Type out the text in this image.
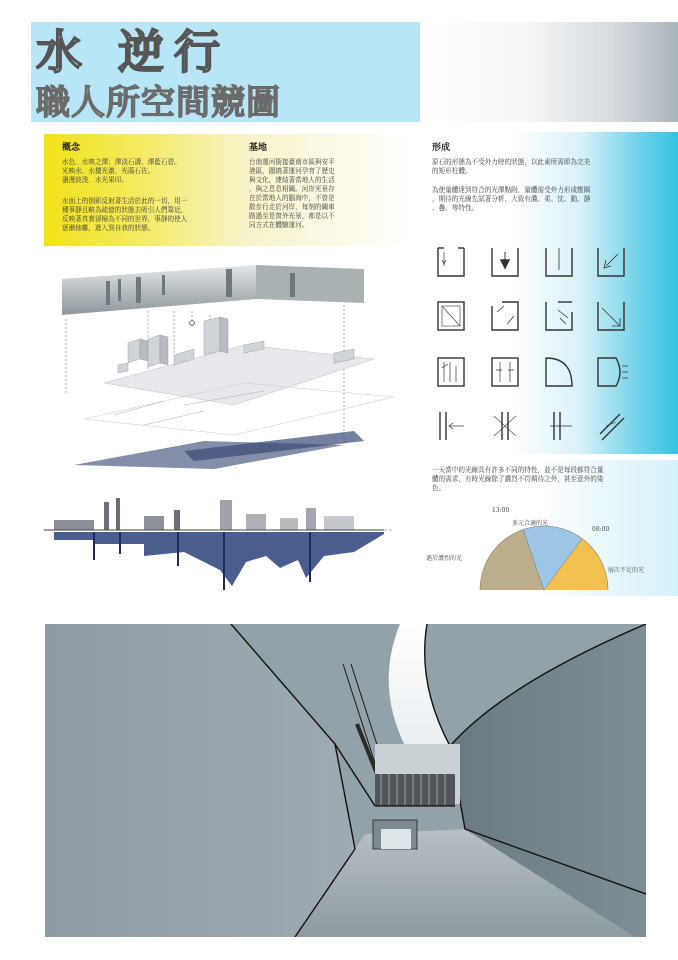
水 逆行
職人所空間競圖
概念

水色．水映之澤；澤淡石濤，澤藍石碧。
光映水．水擾光激．光蕩石佐。
盪漫波泼．水光果印。

水面上的倒影反射著生活於此的一切，用一
種事靜且略為疏億的狀態去吸引人們靠近，
反映著真實卻檢為不同的世界，事靜的使人
逐漸抽離，進入到自我的狀態。

基地

台南運河銜接臺南市區與安平
港區，圍繞著運河孕育了歷史
與文化，連結著當地人的生活
，與之息息相關。河岸光景存
在於當地人的腦海中，不曾是
散步行走於河岸，每刻的關車
路過至是窗外光景，都是以不
同方式在體驗運河。

形成

原石的形態為不受外力時的狀態，以此素所需即為完美
的矩形柱體。

為使量體達到符合的光澤點附，量體需受外力形成壓圖
，期待的光線先試著分析，大致有濃、柔、沈、動、靜
、疊、等特性。

一天當中的光線具有許多不同的特性，並不是每段都符合量
體的需求，有時光線除了濃烈不符期待之外，甚至意外的染
色。

13:00
08:00
多元合適的光
過於濃烈的光
層次不足的光
